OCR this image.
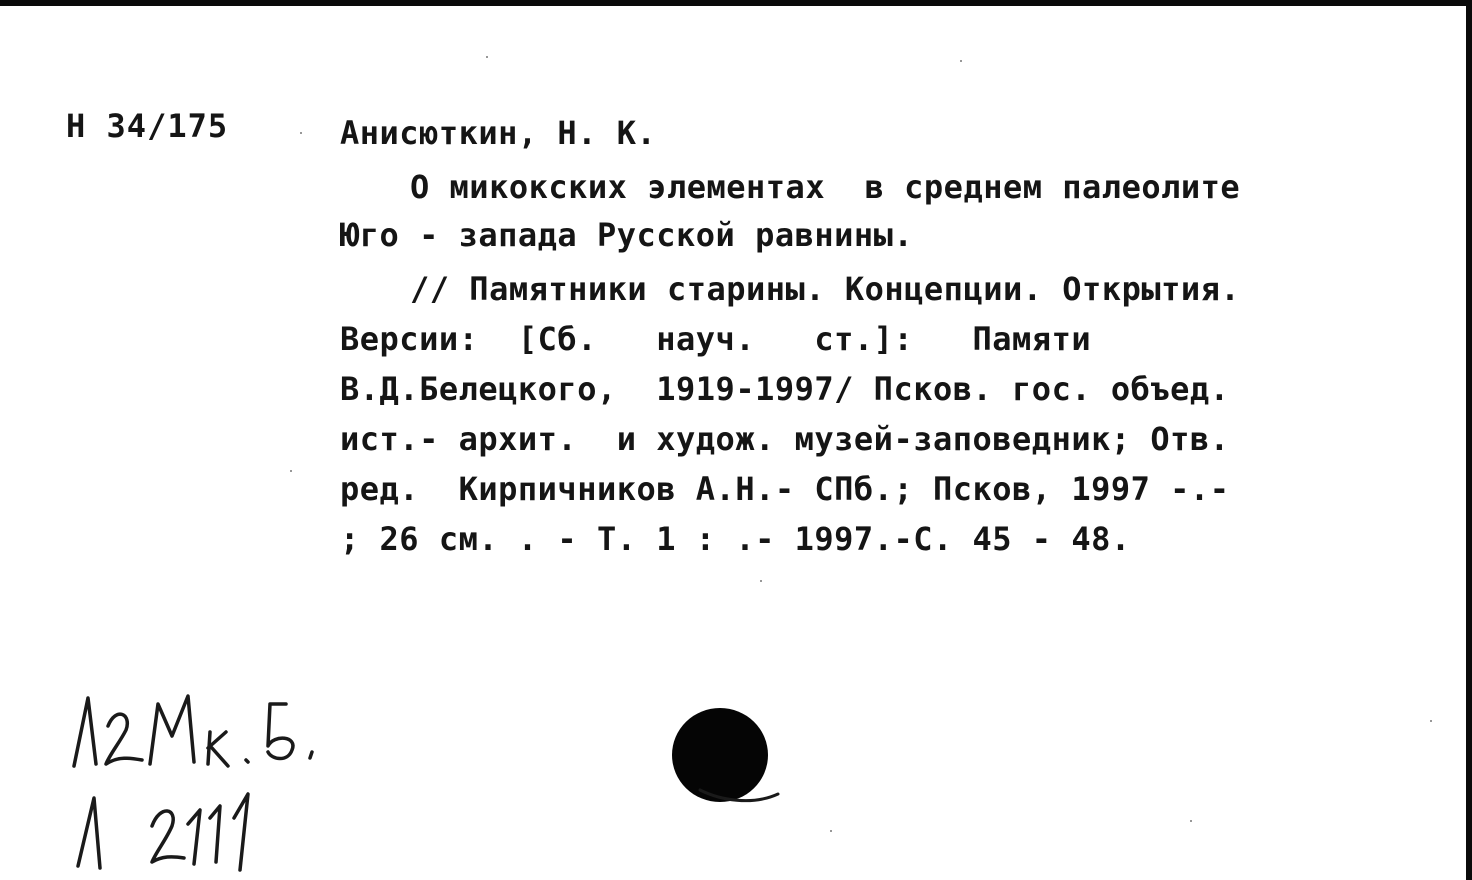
Н 34/175	Анисюткин, Н. К.
О микокских элементах  в среднем палеолите
Юго - запада Русской равнины.
// Памятники старины. Концепции. Открытия.
Версии:  [Сб.   науч.   ст.]:   Памяти
В.Д.Белецкого,  1919-1997/ Псков. гос. объед.
ист.- архит.  и худож. музей-заповедник; Отв.
ред.  Кирпичников А.Н.- СПб.; Псков, 1997 -.-
; 26 см. . - Т. 1 : .- 1997.-С. 45 - 48.
